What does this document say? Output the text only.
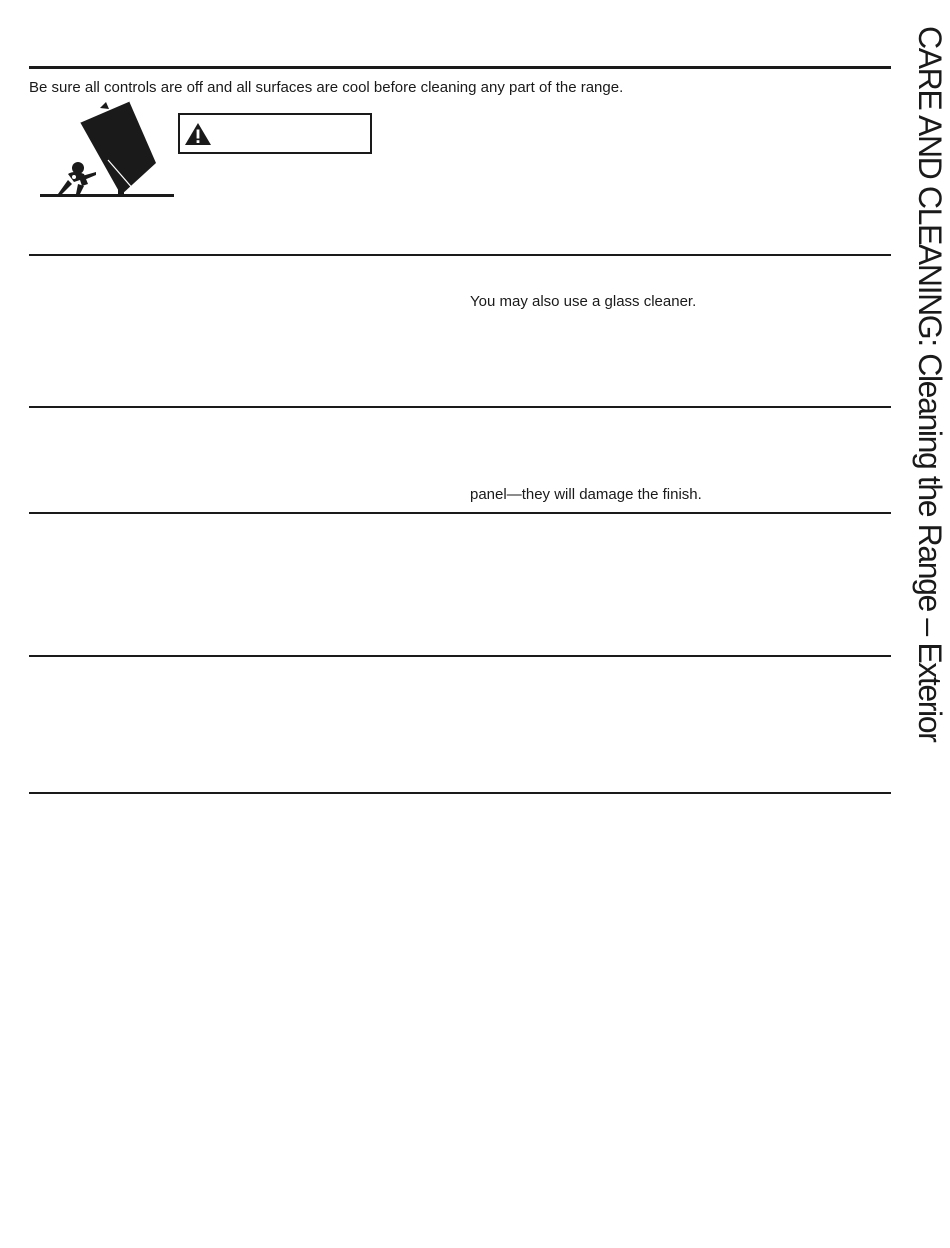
Be sure all controls are off and all surfaces are cool before cleaning any part of the range.
You may also use a glass cleaner.
panel—they will damage the finish.	CARE AND CLEANING: Cleaning the Range – Exterior
